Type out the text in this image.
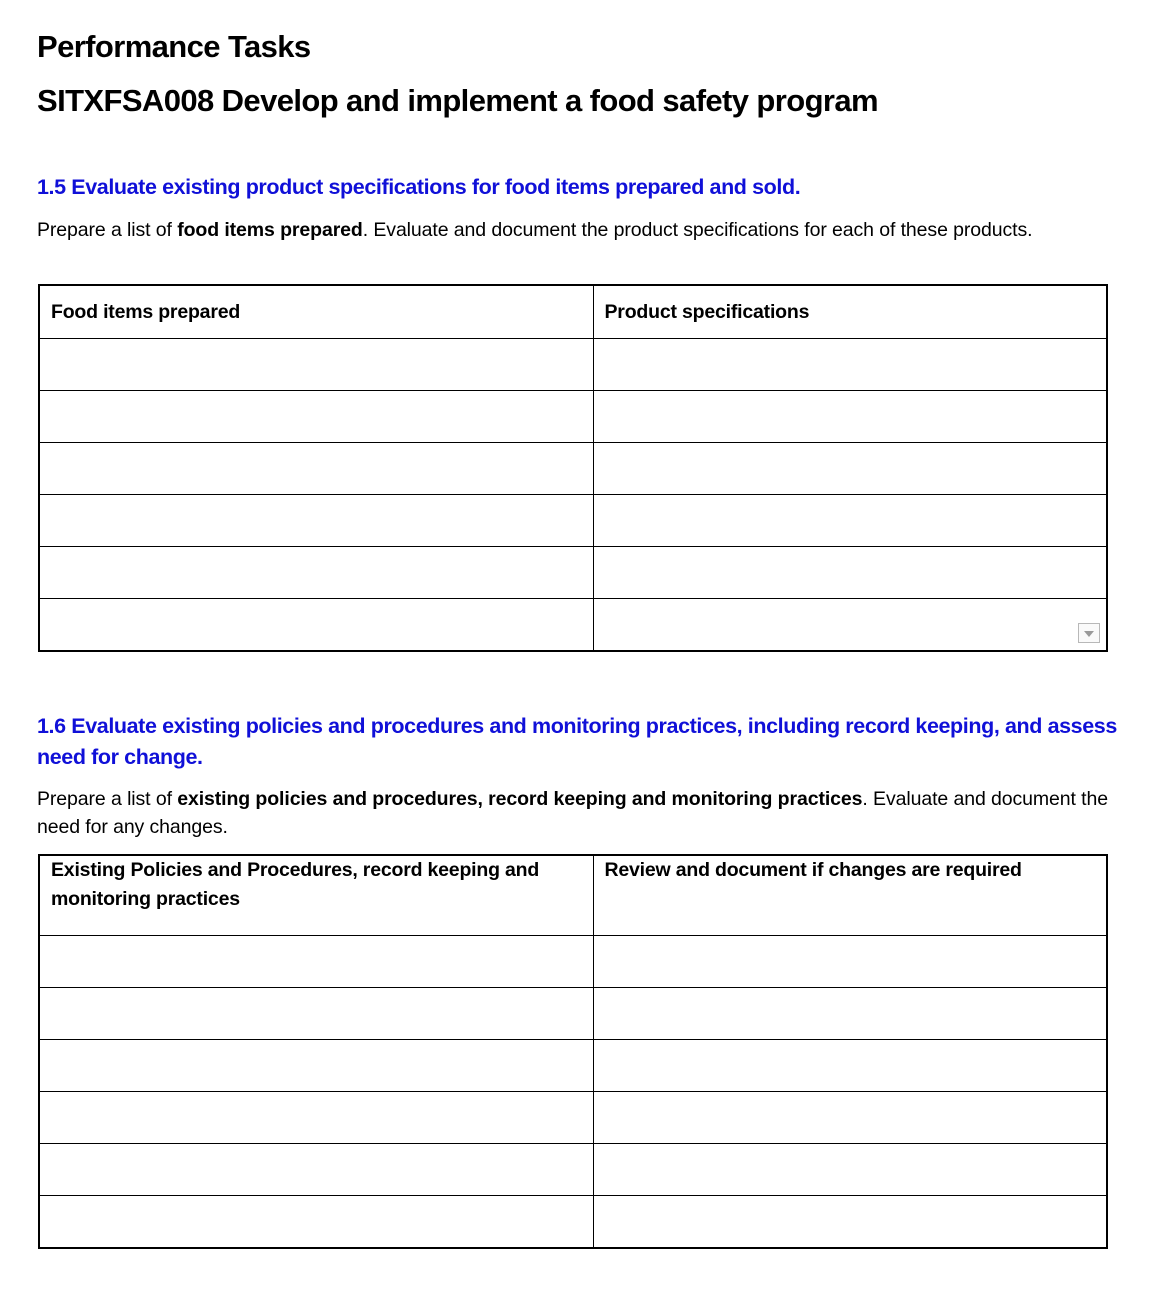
Performance Tasks
SITXFSA008 Develop and implement a food safety program
1.5 Evaluate existing product specifications for food items prepared and sold.
Prepare a list of food items prepared. Evaluate and document the product specifications for each of these products.
Food items prepared	Product specifications

1.6 Evaluate existing policies and procedures and monitoring practices, including record keeping, and assess need for change.
Prepare a list of existing policies and procedures, record keeping and monitoring practices. Evaluate and document the need for any changes.
Existing Policies and Procedures, record keeping and monitoring practices	Review and document if changes are required
